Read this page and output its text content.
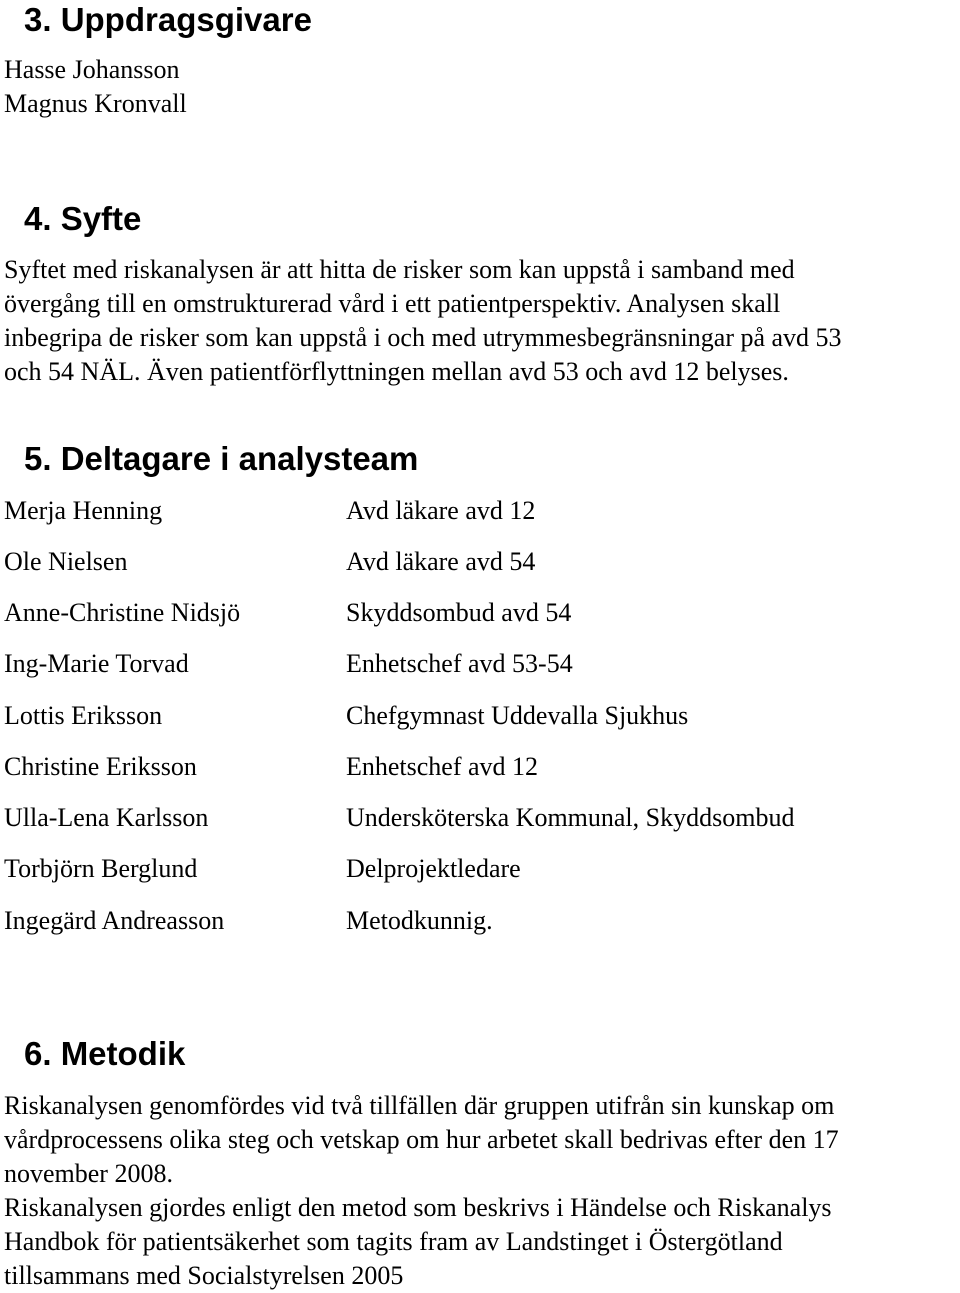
3. Uppdragsgivare
Hasse Johansson
Magnus Kronvall
4. Syfte
Syftet med riskanalysen är att hitta de risker som kan uppstå i samband med
övergång till en omstrukturerad vård i ett patientperspektiv. Analysen skall
inbegripa de risker som kan uppstå i och med utrymmesbegränsningar på avd 53
och 54 NÄL. Även patientförflyttningen mellan avd 53 och avd 12 belyses.
5. Deltagare i analysteam
Merja Henning	Avd läkare avd 12
Ole Nielsen	Avd läkare avd 54
Anne-Christine Nidsjö	Skyddsombud avd 54
Ing-Marie Torvad	Enhetschef avd 53-54
Lottis Eriksson	Chefgymnast Uddevalla Sjukhus
Christine Eriksson	Enhetschef avd 12
Ulla-Lena Karlsson	Undersköterska Kommunal, Skyddsombud
Torbjörn Berglund	Delprojektledare
Ingegärd Andreasson	Metodkunnig.
6. Metodik
Riskanalysen genomfördes vid två tillfällen där gruppen utifrån sin kunskap om
vårdprocessens olika steg och vetskap om hur arbetet skall bedrivas efter den 17
november 2008.
Riskanalysen gjordes enligt den metod som beskrivs i Händelse och Riskanalys
Handbok för patientsäkerhet som tagits fram av Landstinget i Östergötland
tillsammans med Socialstyrelsen 2005
